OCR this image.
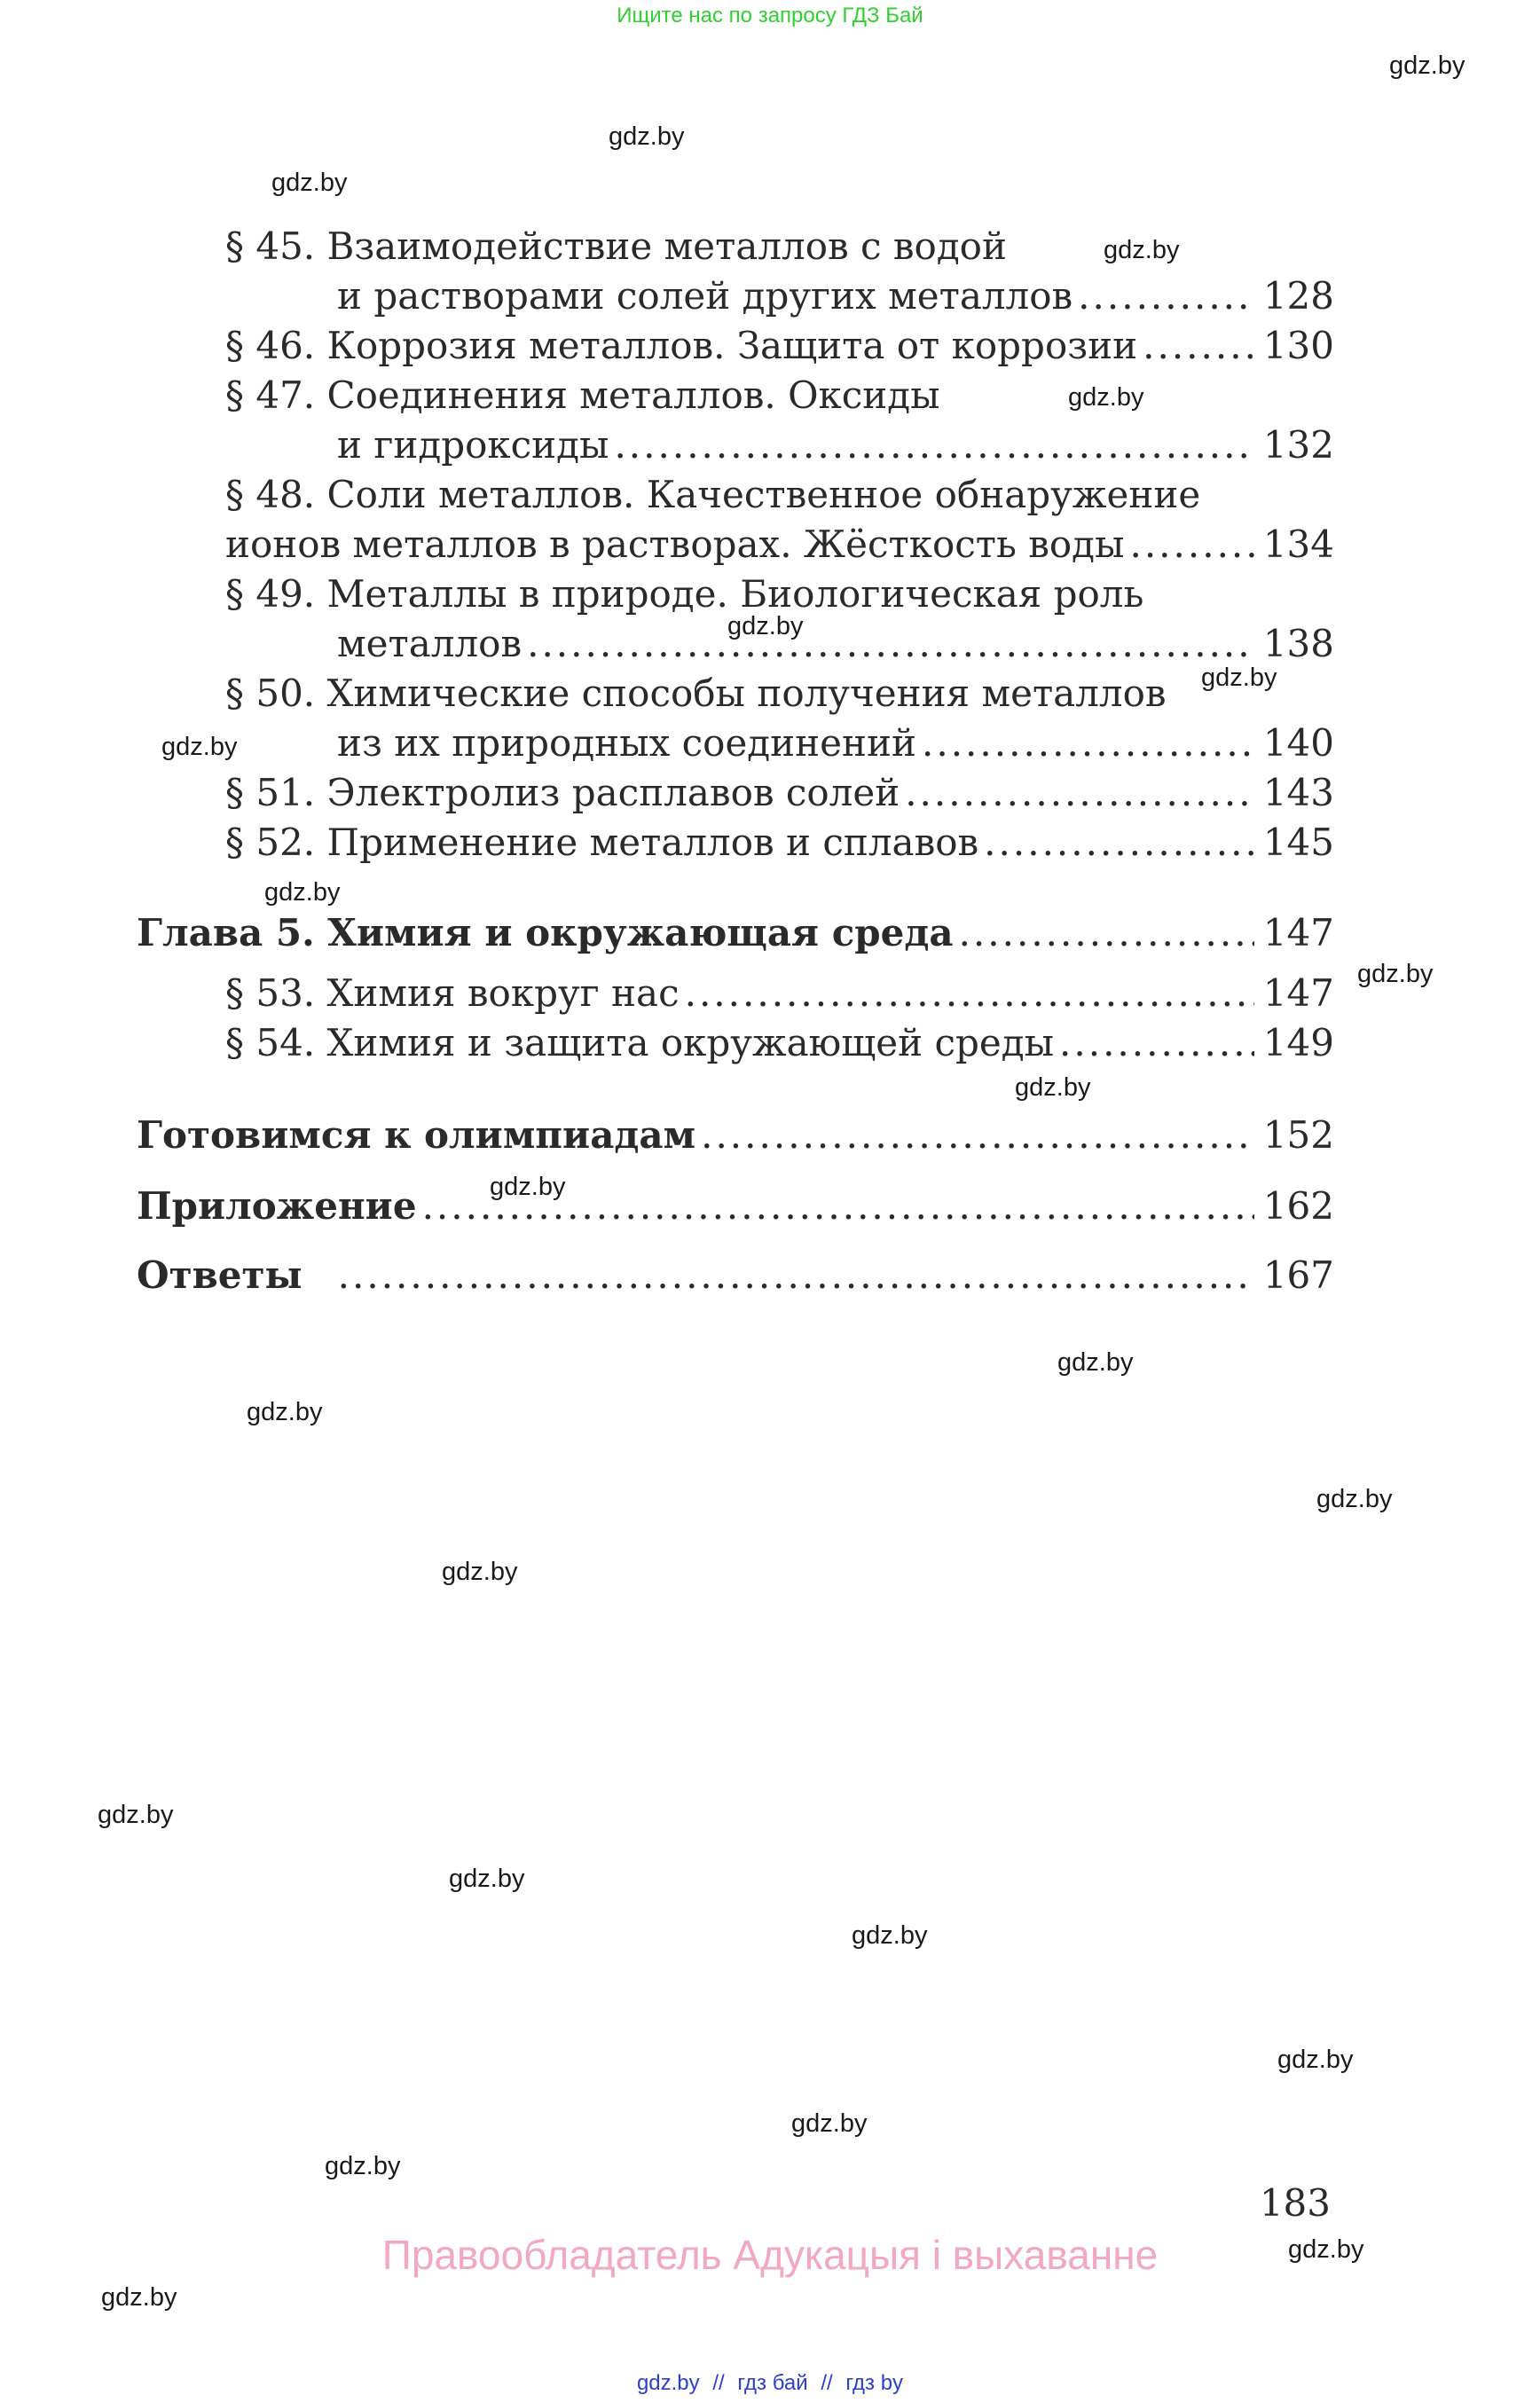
Ищите нас по запросу ГДЗ Бай
§ 45. Взаимодействие металлов с водой
и растворами солей других металлов .....	128
§ 46. Коррозия металлов. Защита от коррозии .....	130
§ 47. Соединения металлов. Оксиды
и гидроксиды .....	132
§ 48. Соли металлов. Качественное обнаружение
ионов металлов в растворах. Жёсткость воды .....	134
§ 49. Металлы в природе. Биологическая роль
металлов .....	138
§ 50. Химические способы получения металлов
из их природных соединений .....	140
§ 51. Электролиз расплавов солей .....	143
§ 52. Применение металлов и сплавов .....	145
Глава 5. Химия и окружающая среда .....	147
§ 53. Химия вокруг нас .....	147
§ 54. Химия и защита окружающей среды .....	149
Готовимся к олимпиадам .....	152
Приложение .....	162
Ответы .....	167
gdz.by
gdz.by
gdz.by
gdz.by
gdz.by
gdz.by
gdz.by
gdz.by
gdz.by
gdz.by
gdz.by
gdz.by
gdz.by
gdz.by
gdz.by
gdz.by
gdz.by
gdz.by
gdz.by
gdz.by
gdz.by
gdz.by
gdz.by
gdz.by
183
Правообладатель Адукацыя і выхаванне
gdz.by // гдз бай // гдз by
